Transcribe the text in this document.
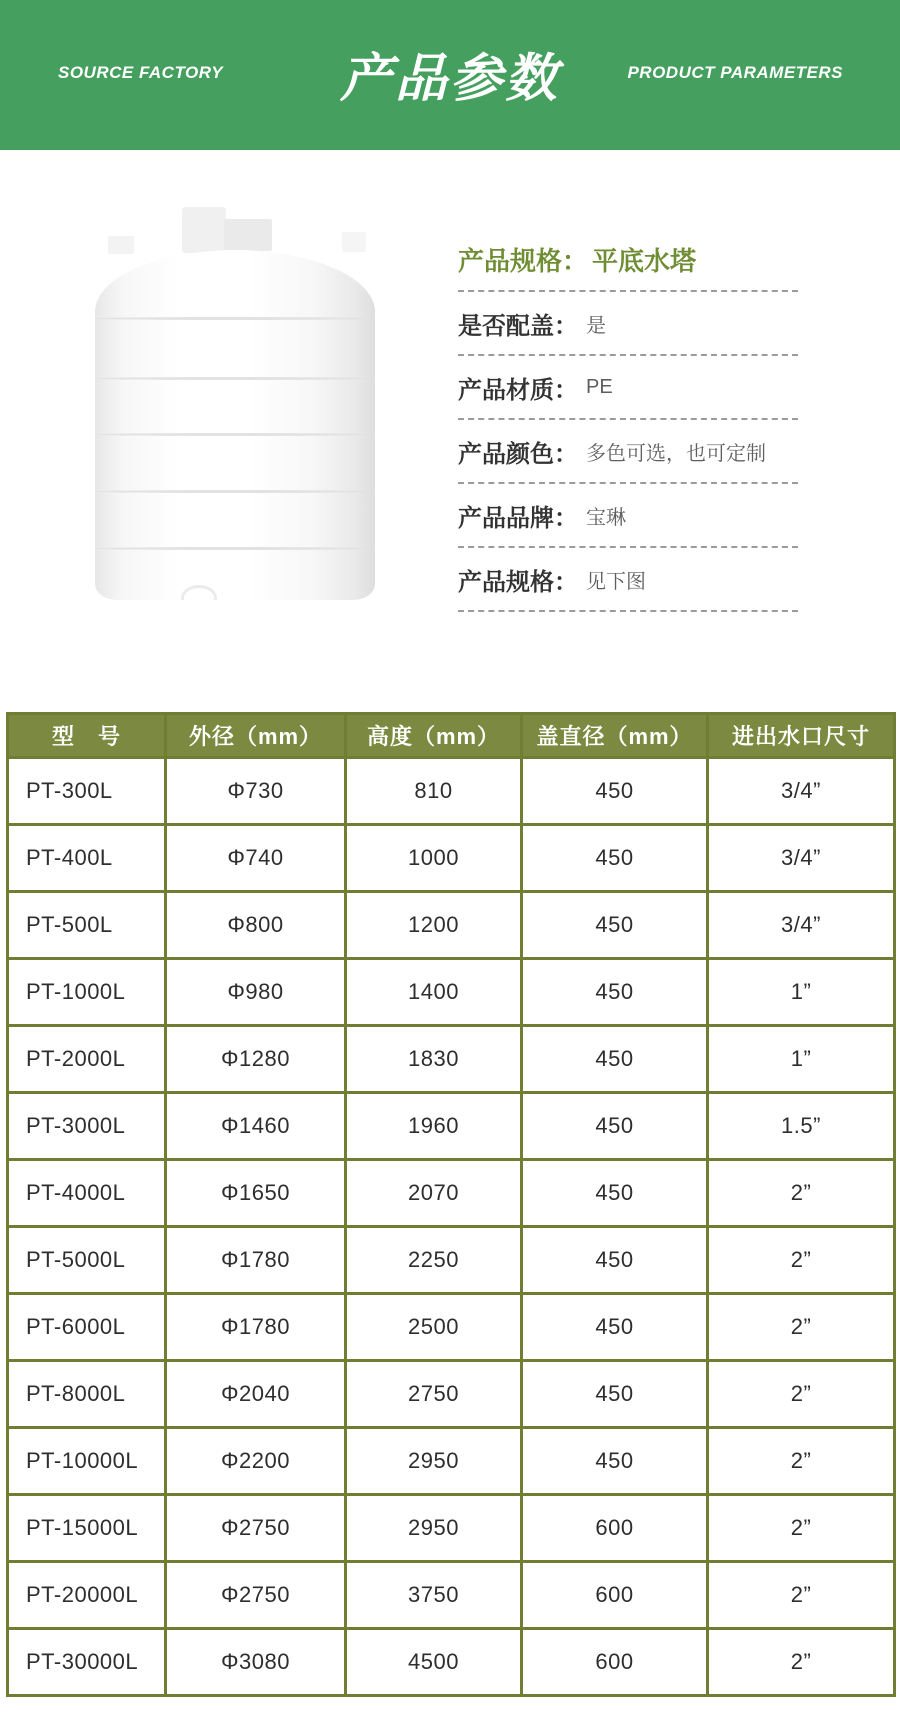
SOURCE FACTORY	产品参数	PRODUCT PARAMETERS
产品规格： 平底水塔
是否配盖： 是
产品材质： PE
产品颜色： 多色可选，也可定制
产品品牌： 宝琳
产品规格： 见下图
型　号	外径（mm）	高度（mm）	盖直径（mm）	进出水口尺寸
PT-300L	Φ730	810	450	3/4”
PT-400L	Φ740	1000	450	3/4”
PT-500L	Φ800	1200	450	3/4”
PT-1000L	Φ980	1400	450	1”
PT-2000L	Φ1280	1830	450	1”
PT-3000L	Φ1460	1960	450	1.5”
PT-4000L	Φ1650	2070	450	2”
PT-5000L	Φ1780	2250	450	2”
PT-6000L	Φ1780	2500	450	2”
PT-8000L	Φ2040	2750	450	2”
PT-10000L	Φ2200	2950	450	2”
PT-15000L	Φ2750	2950	600	2”
PT-20000L	Φ2750	3750	600	2”
PT-30000L	Φ3080	4500	600	2”
